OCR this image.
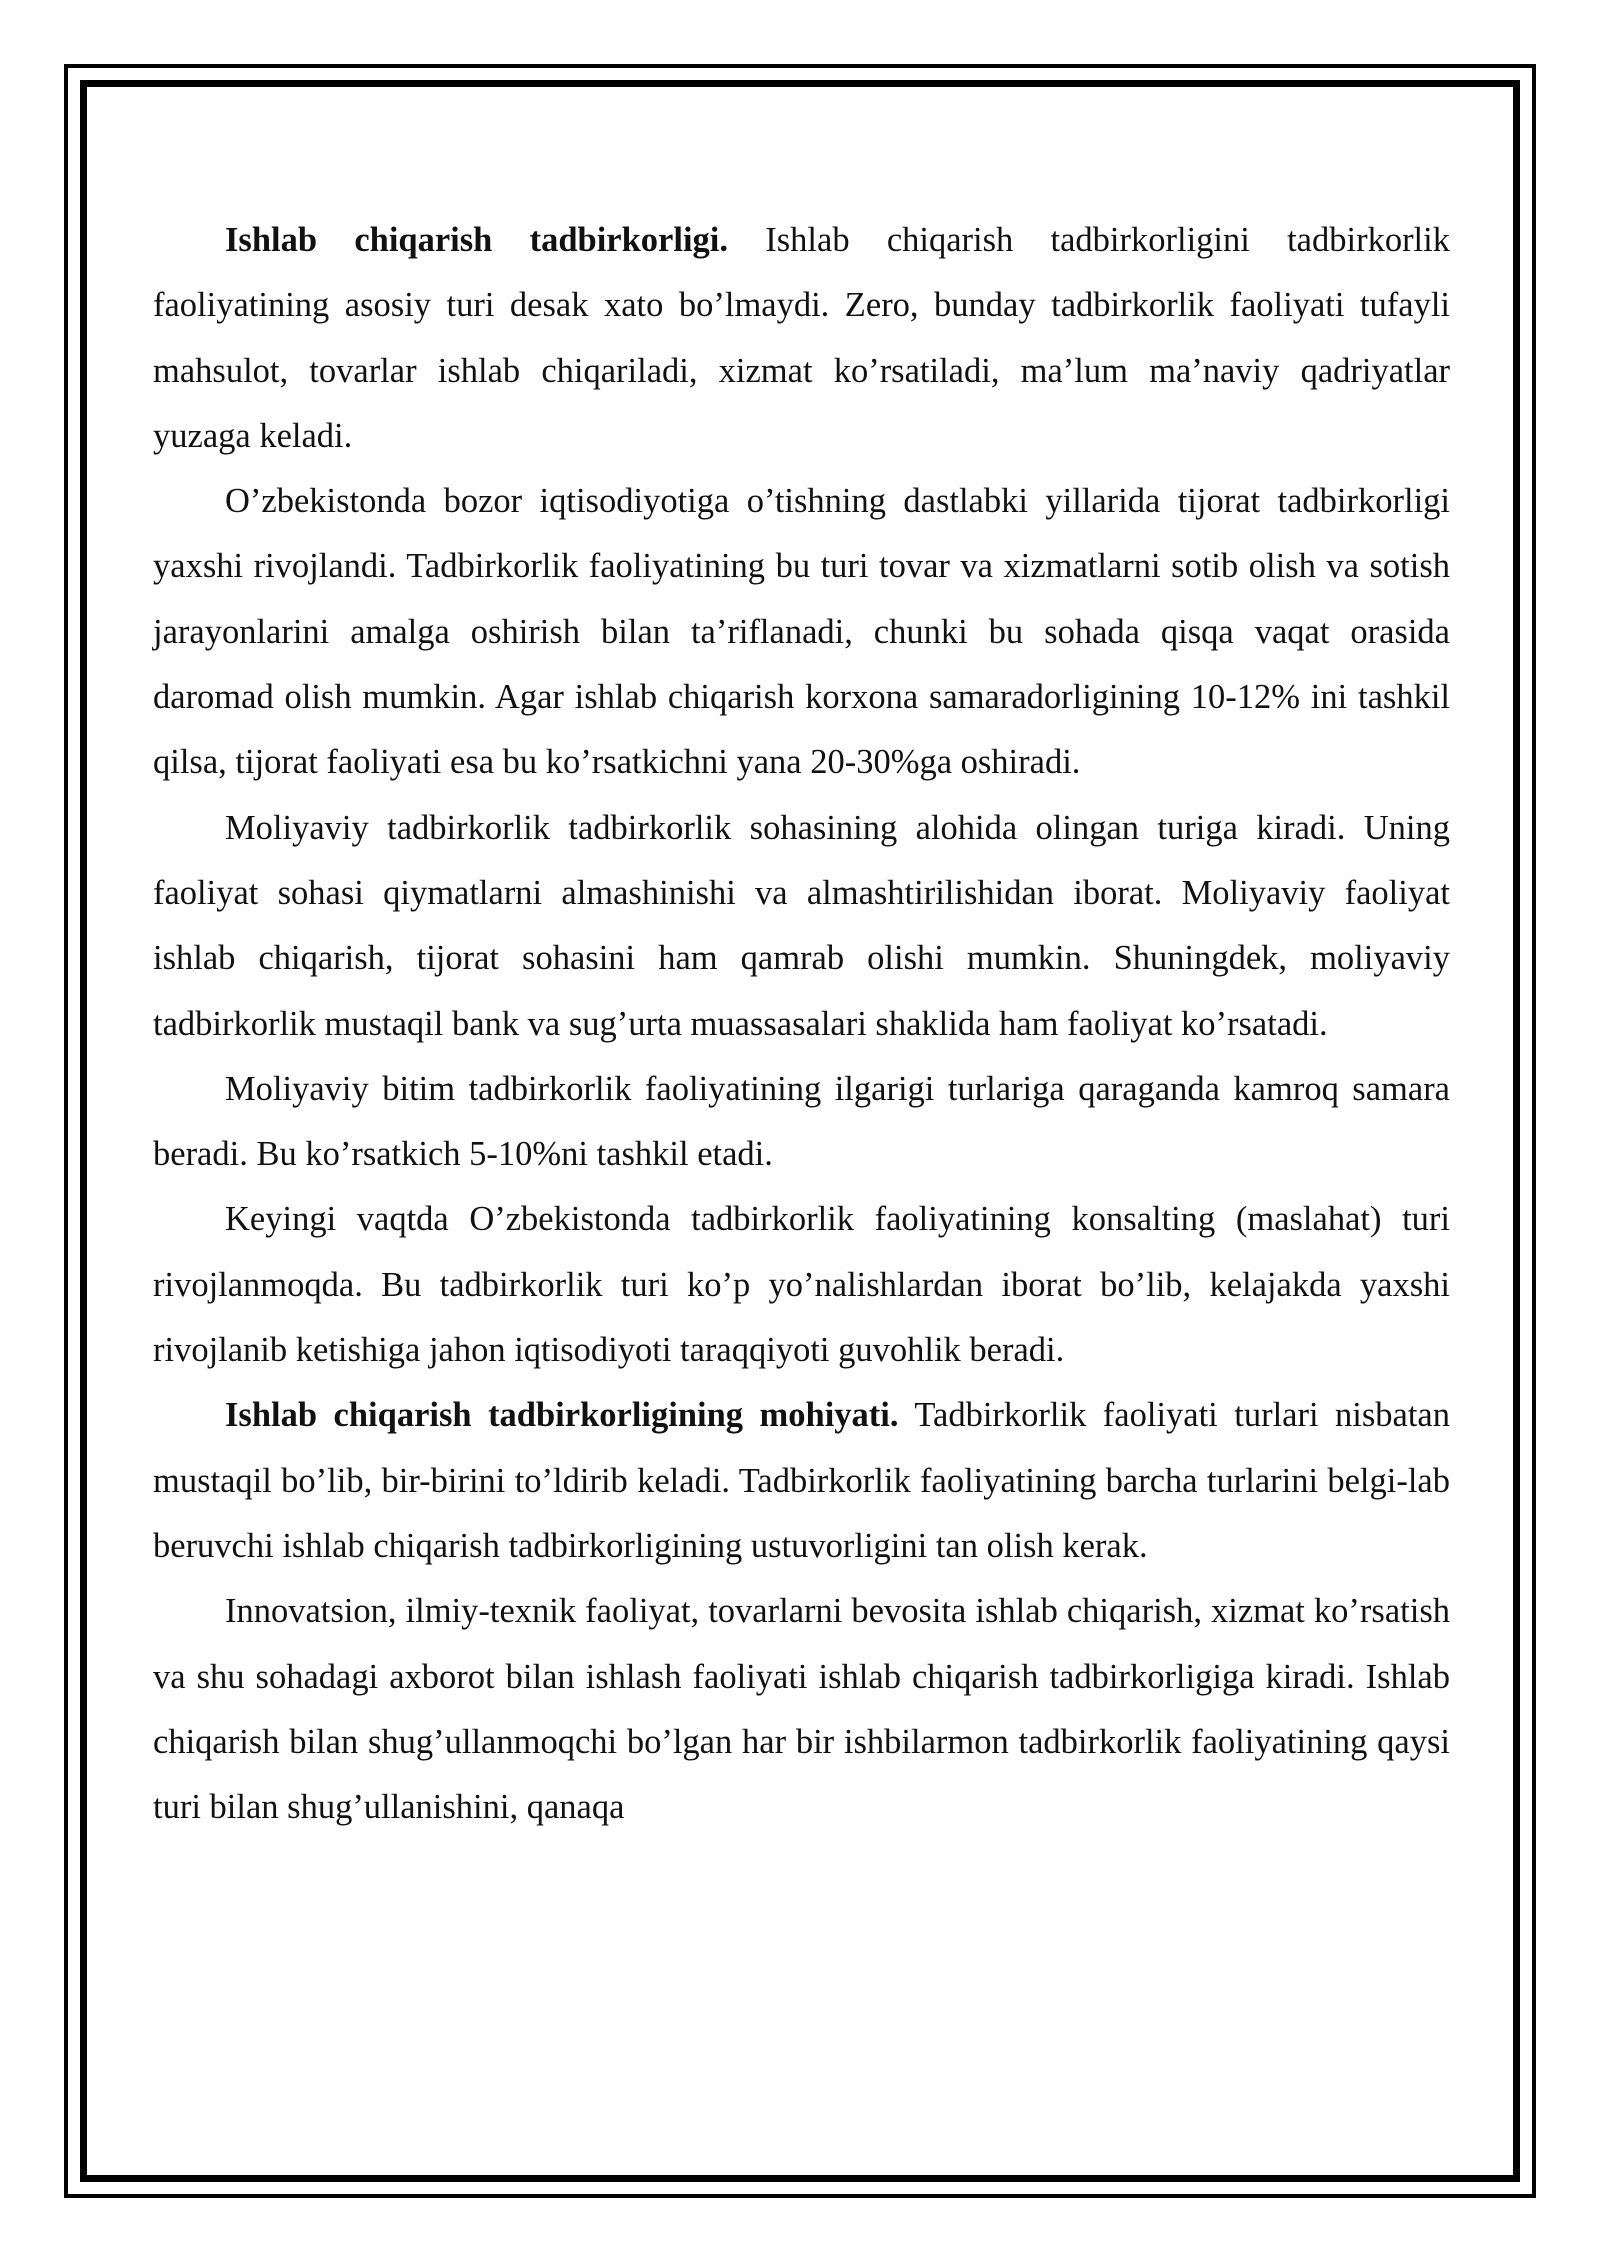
Ishlab chiqarish tadbirkorligi. Ishlab chiqarish tadbirkorligini tadbirkorlik faoliyatining asosiy turi desak xato bo’lmaydi. Zero, bunday tadbirkorlik faoliyati tufayli mahsulot, tovarlar ishlab chiqariladi, xizmat ko’rsatiladi, ma’lum ma’naviy qadriyatlar yuzaga keladi.

O’zbekistonda bozor iqtisodiyotiga o’tishning dastlabki yillarida tijorat tadbirkorligi yaxshi rivojlandi. Tadbirkorlik faoliyatining bu turi tovar va xizmatlarni sotib olish va sotish jarayonlarini amalga oshirish bilan ta’riflanadi, chunki bu sohada qisqa vaqat orasida daromad olish mumkin. Agar ishlab chiqarish korxona samaradorligining 10-12% ini tashkil qilsa, tijorat faoliyati esa bu ko’rsatkichni yana 20-30%ga oshiradi.

Moliyaviy tadbirkorlik tadbirkorlik sohasining alohida olingan turiga kiradi. Uning faoliyat sohasi qiymatlarni almashinishi va almashtirilishidan iborat. Moliyaviy faoliyat ishlab chiqarish, tijorat sohasini ham qamrab olishi mumkin. Shuningdek, moliyaviy tadbirkorlik mustaqil bank va sug’urta muassasalari shaklida ham faoliyat ko’rsatadi.

Moliyaviy bitim tadbirkorlik faoliyatining ilgarigi turlariga qaraganda kamroq samara beradi. Bu ko’rsatkich 5-10%ni tashkil etadi.

Keyingi vaqtda O’zbekistonda tadbirkorlik faoliyatining konsalting (maslahat) turi rivojlanmoqda. Bu tadbirkorlik turi ko’p yo’nalishlardan iborat bo’lib, kelajakda yaxshi rivojlanib ketishiga jahon iqtisodiyoti taraqqiyoti guvohlik beradi.

Ishlab chiqarish tadbirkorligining mohiyati. Tadbirkorlik faoliyati turlari nisbatan mustaqil bo’lib, bir-birini to’ldirib keladi. Tadbirkorlik faoliyatining barcha turlarini belgi-lab beruvchi ishlab chiqarish tadbirkorligining ustuvorligini tan olish kerak.

Innovatsion, ilmiy-texnik faoliyat, tovarlarni bevosita ishlab chiqarish, xizmat ko’rsatish va shu sohadagi axborot bilan ishlash faoliyati ishlab chiqarish tadbirkorligiga kiradi. Ishlab chiqarish bilan shug’ullanmoqchi bo’lgan har bir ishbilarmon tadbirkorlik faoliyatining qaysi turi bilan shug’ullanishini, qanaqa
